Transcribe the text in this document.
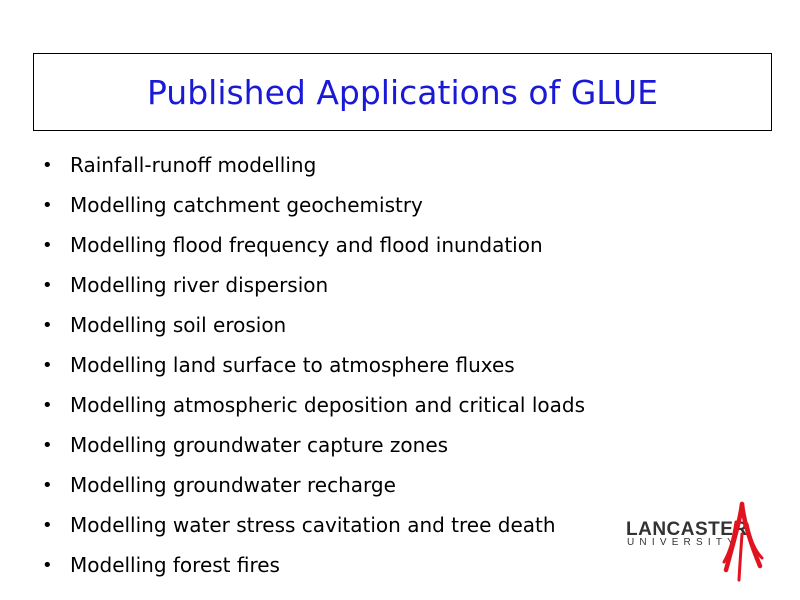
Published Applications of GLUE
• Rainfall-runoff modelling
• Modelling catchment geochemistry
• Modelling flood frequency and flood inundation
• Modelling river dispersion
• Modelling soil erosion
• Modelling land surface to atmosphere fluxes
• Modelling atmospheric deposition and critical loads
• Modelling groundwater capture zones
• Modelling groundwater recharge
• Modelling water stress cavitation and tree death
• Modelling forest fires
LANCASTER
UNIVERSITY
